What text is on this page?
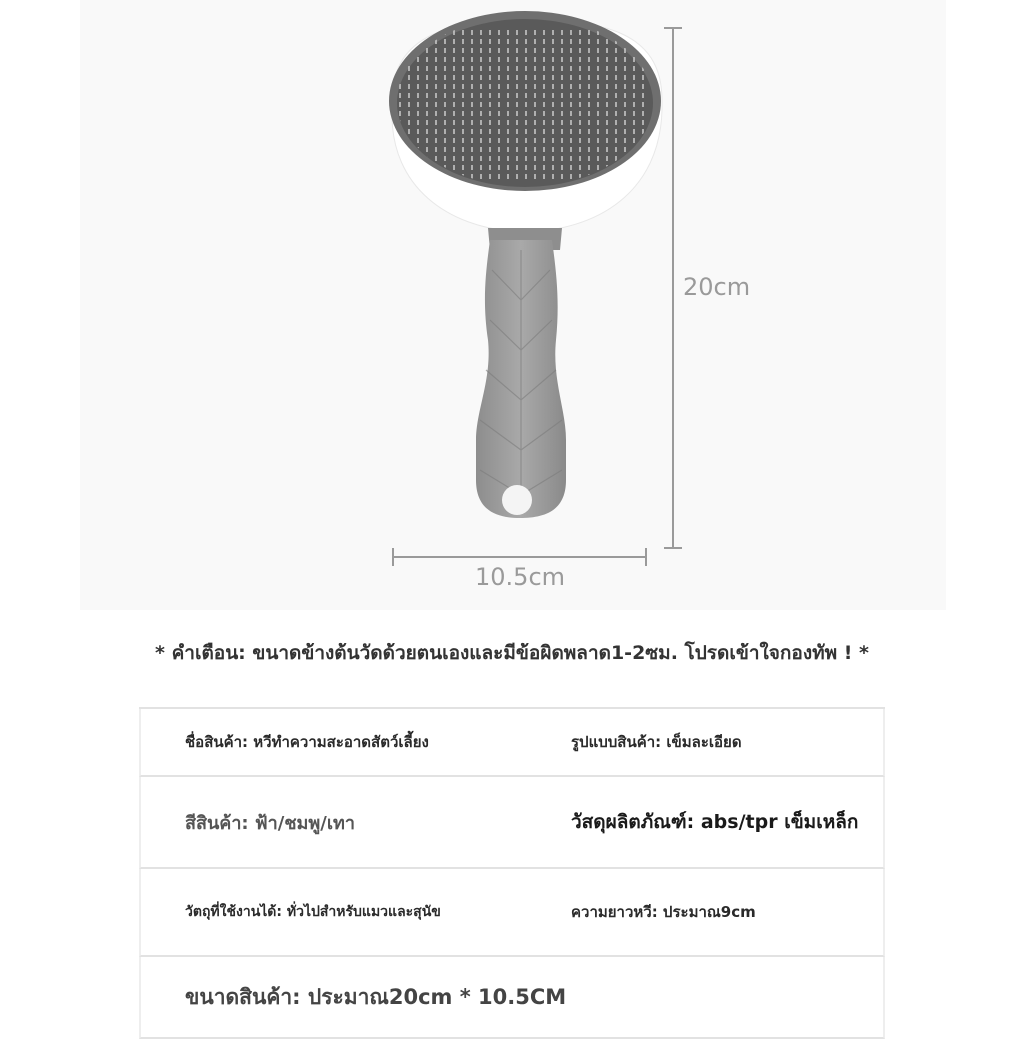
20cm
10.5cm
* คำเตือน: ขนาดข้างต้นวัดด้วยตนเองและมีข้อผิดพลาด1-2ซม. โปรดเข้าใจกองทัพ ! *
ชื่อสินค้า: หวีทำความสะอาดสัตว์เลี้ยง	รูปแบบสินค้า: เข็มละเอียด
สีสินค้า: ฟ้า/ชมพู/เทา	วัสดุผลิตภัณฑ์: abs/tpr เข็มเหล็ก
วัตถุที่ใช้งานได้: ทั่วไปสำหรับแมวและสุนัข	ความยาวหวี: ประมาณ9cm
ขนาดสินค้า: ประมาณ20cm * 10.5CM
